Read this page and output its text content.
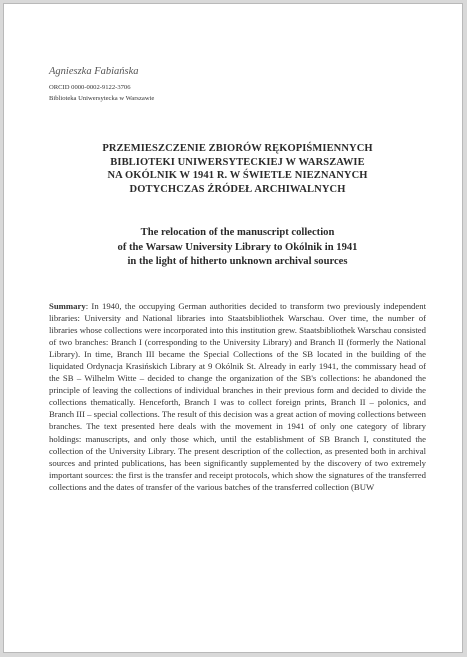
Agnieszka Fabiańska
ORCID 0000-0002-9122-3706
Biblioteka Uniwersytecka w Warszawie
PRZEMIESZCZENIE ZBIORÓW RĘKOPIŚMIENNYCH
BIBLIOTEKI UNIWERSYTECKIEJ W WARSZAWIE
NA OKÓLNIK W 1941 R. W ŚWIETLE NIEZNANYCH
DOTYCHCZAS ŹRÓDEŁ ARCHIWALNYCH
The relocation of the manuscript collection
of the Warsaw University Library to Okólnik in 1941
in the light of hitherto unknown archival sources
Summary: In 1940, the occupying German authorities decided to transform two previously independent libraries: University and National libraries into Staatsbibliothek Warschau. Over time, the number of libraries whose collections were incorporated into this institution grew. Staatsbibliothek Warschau consisted of two branches: Branch I (corresponding to the University Library) and Branch II (formerly the National Library). In time, Branch III became the Special Collections of the SB located in the building of the liquidated Ordynacja Krasińskich Library at 9 Okólnik St. Already in early 1941, the commissary head of the SB – Wilhelm Witte – decided to change the organization of the SB's collections: he abandoned the principle of leaving the collections of individual branches in their previous form and decided to divide the collections thematically. Henceforth, Branch I was to collect foreign prints, Branch II – polonics, and Branch III – special collections. The result of this decision was a great action of moving collections between branches. The text presented here deals with the movement in 1941 of only one category of library holdings: manuscripts, and only those which, until the establishment of SB Branch I, constituted the collection of the University Library. The present description of the collection, as presented both in archival sources and printed publications, has been significantly supplemented by the discovery of two extremely important sources: the first is the transfer and receipt protocols, which show the signatures of the transferred collections and the dates of transfer of the various batches of the transferred collection (BUW
